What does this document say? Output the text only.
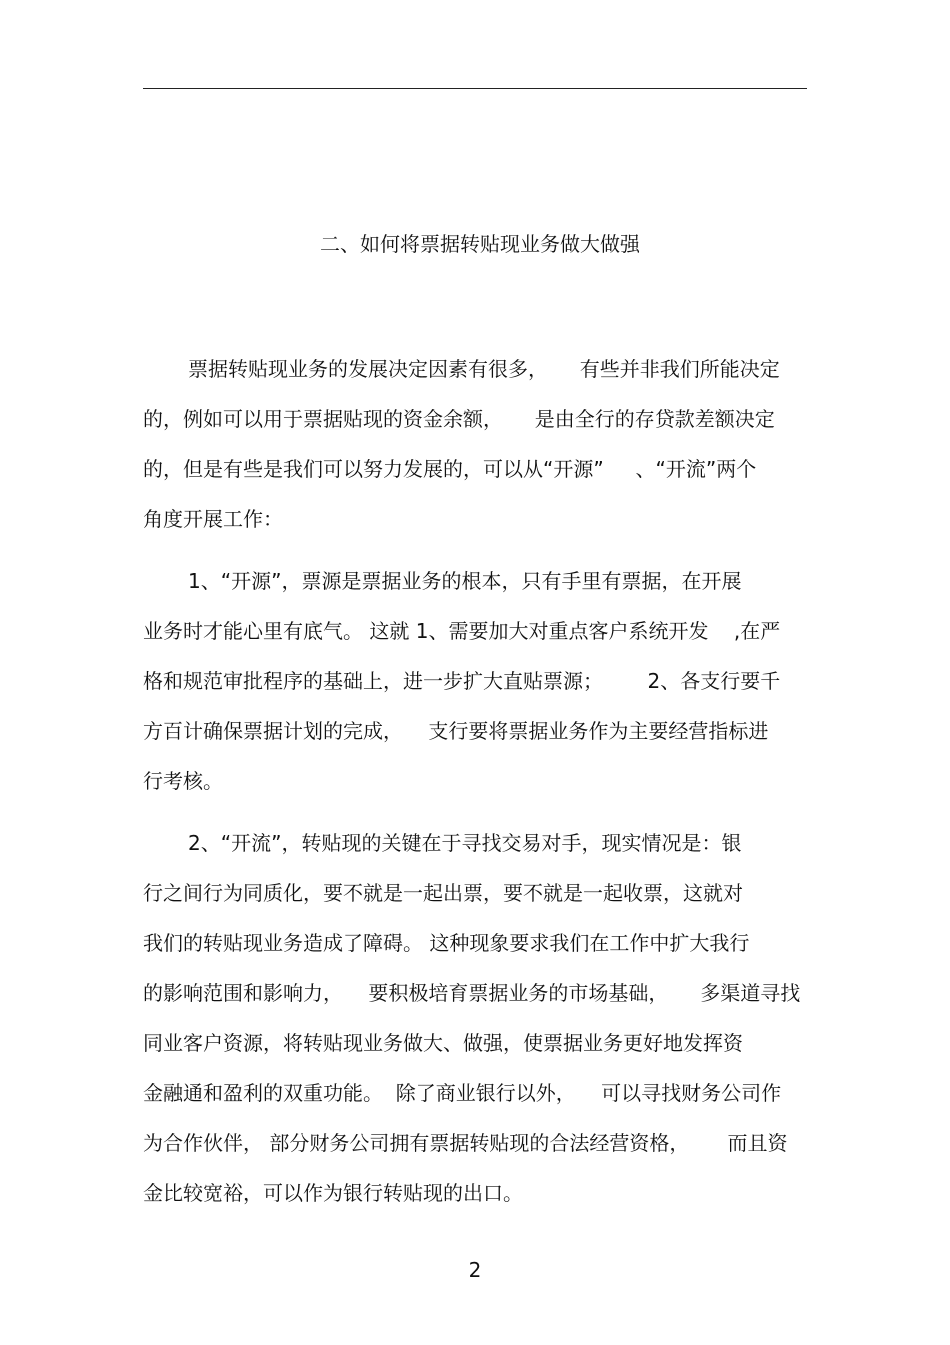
二、如何将票据转贴现业务做大做强
票据转贴现业务的发展决定因素有很多，     有些并非我们所能决定
的，例如可以用于票据贴现的资金余额，     是由全行的存贷款差额决定
的，但是有些是我们可以努力发展的，可以从“开源”     、“开流”两个
角度开展工作：
1、“开源”，票源是票据业务的根本，只有手里有票据，在开展
业务时才能心里有底气。 这就 1、需要加大对重点客户系统开发    ,在严
格和规范审批程序的基础上，进一步扩大直贴票源；       2、各支行要千
方百计确保票据计划的完成，    支行要将票据业务作为主要经营指标进
行考核。
2、“开流”，转贴现的关键在于寻找交易对手，现实情况是：银
行之间行为同质化，要不就是一起出票，要不就是一起收票，这就对
我们的转贴现业务造成了障碍。 这种现象要求我们在工作中扩大我行
的影响范围和影响力，    要积极培育票据业务的市场基础，     多渠道寻找
同业客户资源，将转贴现业务做大、做强，使票据业务更好地发挥资
金融通和盈利的双重功能。  除了商业银行以外，    可以寻找财务公司作
为合作伙伴， 部分财务公司拥有票据转贴现的合法经营资格，      而且资
金比较宽裕，可以作为银行转贴现的出口。
2
